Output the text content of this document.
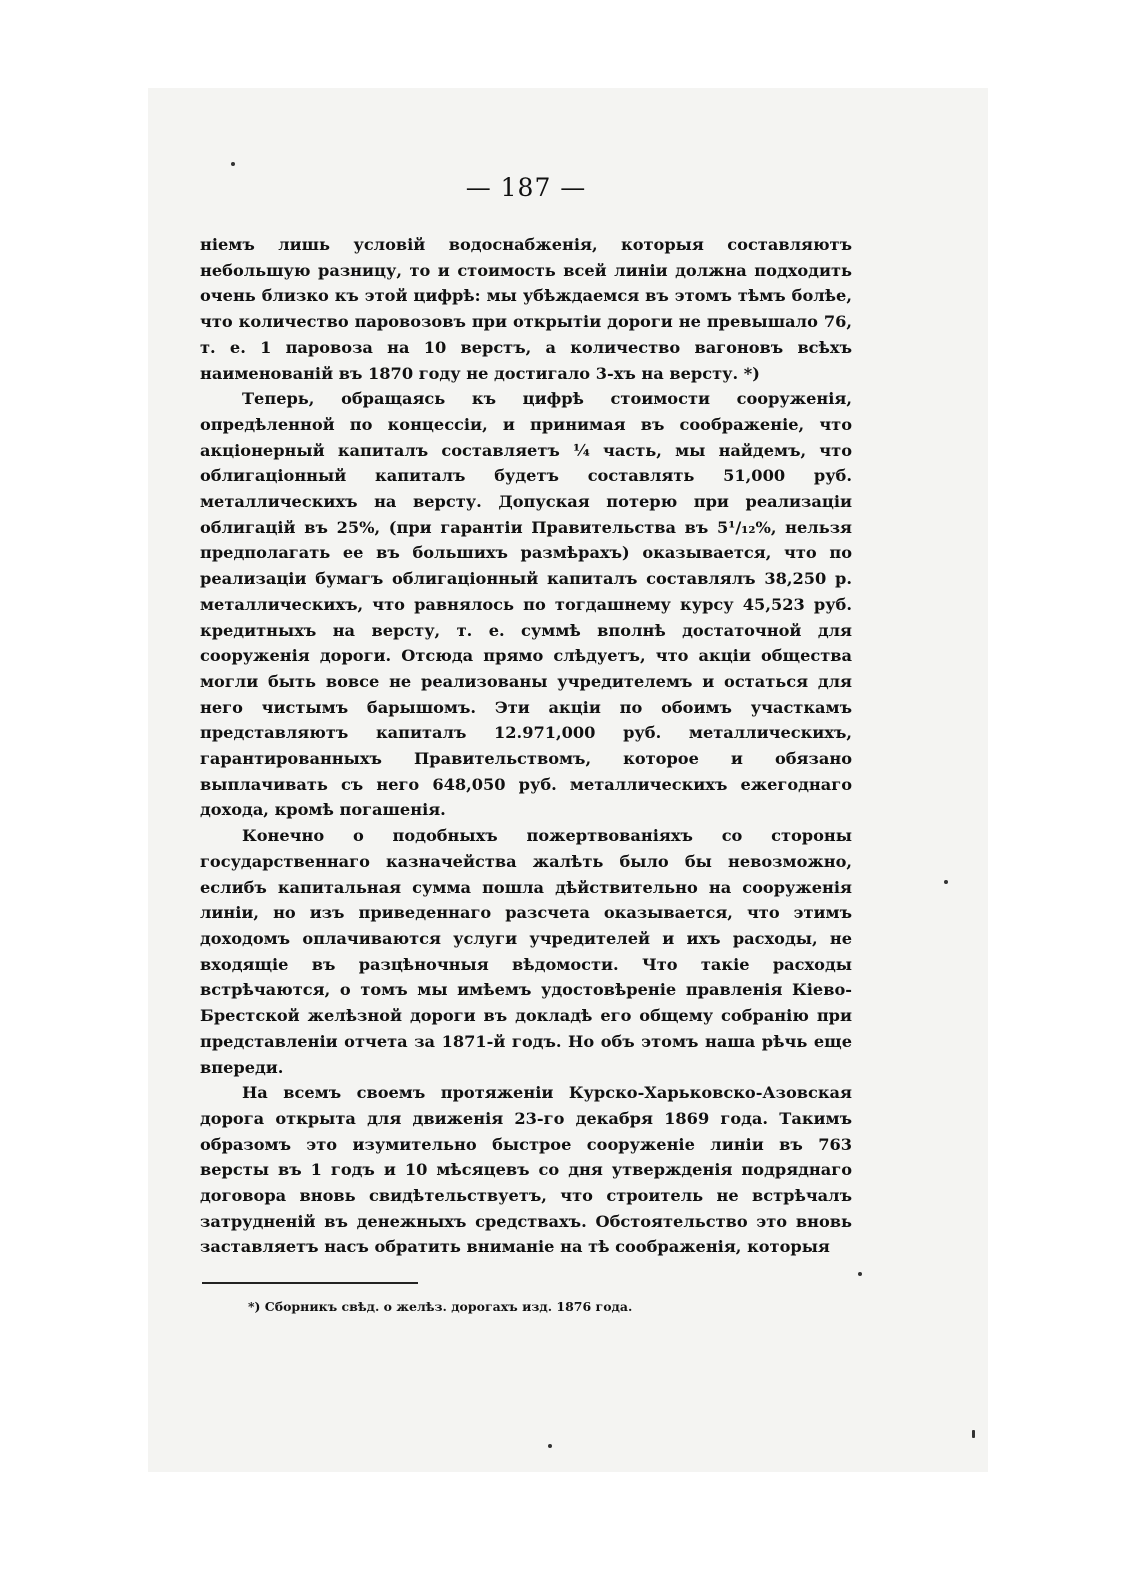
— 187 —

ніемъ лишь условій водоснабженія, которыя составляютъ небольшую разницу, то и стоимость всей линіи должна подходить очень близко къ этой цифрѣ: мы убѣждаемся въ этомъ тѣмъ болѣе, что количество паровозовъ при открытіи дороги не превышало 76, т. е. 1 паровоза на 10 верстъ, а количество вагоновъ всѣхъ наименованій въ 1870 году не достигало 3-хъ на версту. *)

Теперь, обращаясь къ цифрѣ стоимости сооруженія, опредѣленной по концессіи, и принимая въ соображеніе, что акціонерный капиталъ составляетъ ¼ часть, мы найдемъ, что облигаціонный капиталъ будетъ составлять 51,000 руб. металлическихъ на версту. Допуская потерю при реализаціи облигацій въ 25%, (при гарантіи Правительства въ 5¹/₁₂%, нельзя предполагать ее въ большихъ размѣрахъ) оказывается, что по реализаціи бумагъ облигаціонный капиталъ составлялъ 38,250 р. металлическихъ, что равнялось по тогдашнему курсу 45,523 руб. кредитныхъ на версту, т. е. суммѣ вполнѣ достаточной для сооруженія дороги. Отсюда прямо слѣдуетъ, что акціи общества могли быть вовсе не реализованы учредителемъ и остаться для него чистымъ барышомъ. Эти акціи по обоимъ участкамъ представляютъ капиталъ 12.971,000 руб. металлическихъ, гарантированныхъ Правительствомъ, которое и обязано выплачивать съ него 648,050 руб. металлическихъ ежегоднаго дохода, кромѣ погашенія.

Конечно о подобныхъ пожертвованіяхъ со стороны государственнаго казначейства жалѣть было бы невозможно, еслибъ капитальная сумма пошла дѣйствительно на сооруженія линіи, но изъ приведеннаго разсчета оказывается, что этимъ доходомъ оплачиваются услуги учредителей и ихъ расходы, не входящіе въ разцѣночныя вѣдомости. Что такіе расходы встрѣчаются, о томъ мы имѣемъ удостовѣреніе правленія Кіево-Брестской желѣзной дороги въ докладѣ его общему собранію при представленіи отчета за 1871-й годъ. Но объ этомъ наша рѣчь еще впереди.

На всемъ своемъ протяженіи Курско-Харьковско-Азовская дорога открыта для движенія 23-го декабря 1869 года. Такимъ образомъ это изумительно быстрое сооруженіе линіи въ 763 версты въ 1 годъ и 10 мѣсяцевъ со дня утвержденія подряднаго договора вновь свидѣтельствуетъ, что строитель не встрѣчалъ затрудненій въ денежныхъ средствахъ. Обстоятельство это вновь заставляетъ насъ обратить вниманіе на тѣ соображенія, которыя

*) Сборникъ свѣд. о желѣз. дорогахъ изд. 1876 года.
